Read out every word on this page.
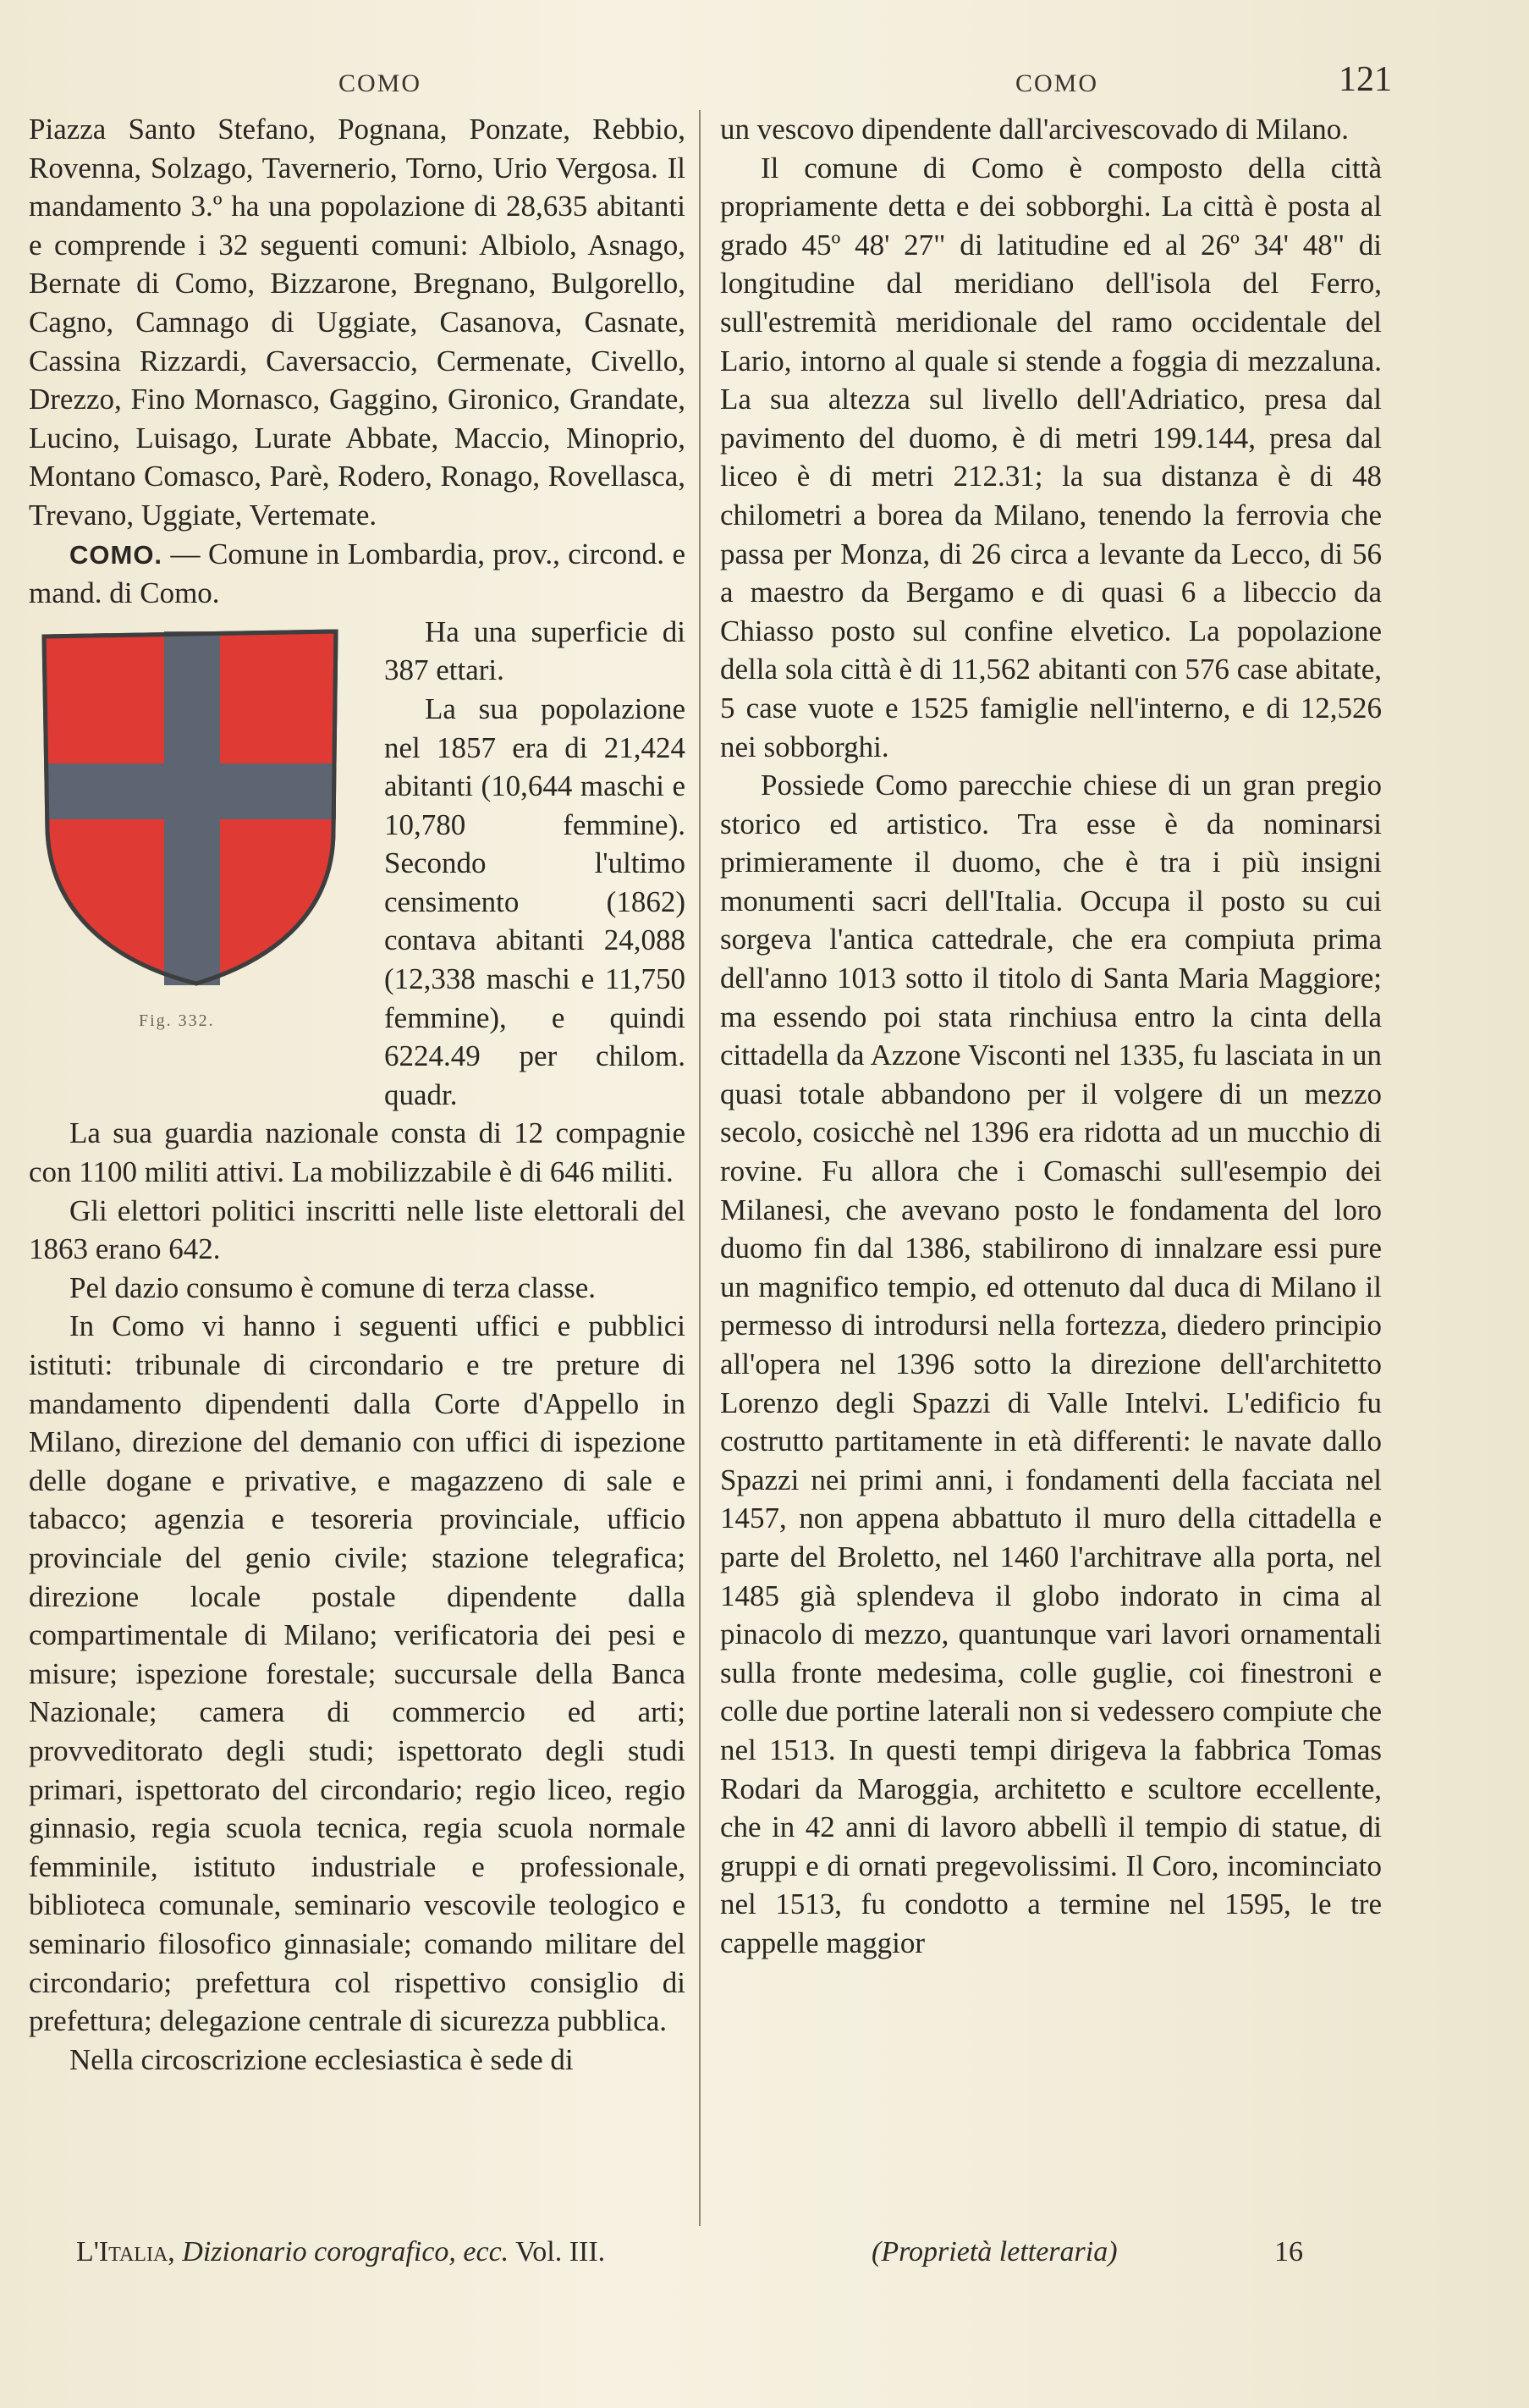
COMO	COMO	121

Piazza Santo Stefano, Pognana, Ponzate, Rebbio, Rovenna, Solzago, Tavernerio, Torno, Urio Vergosa. Il mandamento 3.º ha una popolazione di 28,635 abitanti e comprende i 32 seguenti comuni: Albiolo, Asnago, Bernate di Como, Bizzarone, Bregnano, Bulgorello, Cagno, Camnago di Uggiate, Casanova, Casnate, Cassina Rizzardi, Caversaccio, Cermenate, Civello, Drezzo, Fino Mornasco, Gaggino, Gironico, Grandate, Lucino, Luisago, Lurate Abbate, Maccio, Minoprio, Montano Comasco, Parè, Rodero, Ronago, Rovellasca, Trevano, Uggiate, Vertemate.

COMO. — Comune in Lombardia, prov., circond. e mand. di Como.

Fig. 332.

Ha una superficie di 387 ettari.

La sua popolazione nel 1857 era di 21,424 abitanti (10,644 maschi e 10,780 femmine). Secondo l'ultimo censimento (1862) contava abitanti 24,088 (12,338 maschi e 11,750 femmine), e quindi 6224.49 per chilom. quadr.

La sua guardia nazionale consta di 12 compagnie con 1100 militi attivi. La mobilizzabile è di 646 militi.

Gli elettori politici inscritti nelle liste elettorali del 1863 erano 642.

Pel dazio consumo è comune di terza classe.

In Como vi hanno i seguenti uffici e pubblici istituti: tribunale di circondario e tre preture di mandamento dipendenti dalla Corte d'Appello in Milano, direzione del demanio con uffici di ispezione delle dogane e privative, e magazzeno di sale e tabacco; agenzia e tesoreria provinciale, ufficio provinciale del genio civile; stazione telegrafica; direzione locale postale dipendente dalla compartimentale di Milano; verificatoria dei pesi e misure; ispezione forestale; succursale della Banca Nazionale; camera di commercio ed arti; provveditorato degli studi; ispettorato degli studi primari, ispettorato del circondario; regio liceo, regio ginnasio, regia scuola tecnica, regia scuola normale femminile, istituto industriale e professionale, biblioteca comunale, seminario vescovile teologico e seminario filosofico ginnasiale; comando militare del circondario; prefettura col rispettivo consiglio di prefettura; delegazione centrale di sicurezza pubblica.

Nella circoscrizione ecclesiastica è sede di

un vescovo dipendente dall'arcivescovado di Milano.

Il comune di Como è composto della città propriamente detta e dei sobborghi. La città è posta al grado 45º 48' 27" di latitudine ed al 26º 34' 48" di longitudine dal meridiano dell'isola del Ferro, sull'estremità meridionale del ramo occidentale del Lario, intorno al quale si stende a foggia di mezzaluna. La sua altezza sul livello dell'Adriatico, presa dal pavimento del duomo, è di metri 199.144, presa dal liceo è di metri 212.31; la sua distanza è di 48 chilometri a borea da Milano, tenendo la ferrovia che passa per Monza, di 26 circa a levante da Lecco, di 56 a maestro da Bergamo e di quasi 6 a libeccio da Chiasso posto sul confine elvetico. La popolazione della sola città è di 11,562 abitanti con 576 case abitate, 5 case vuote e 1525 famiglie nell'interno, e di 12,526 nei sobborghi.

Possiede Como parecchie chiese di un gran pregio storico ed artistico. Tra esse è da nominarsi primieramente il duomo, che è tra i più insigni monumenti sacri dell'Italia. Occupa il posto su cui sorgeva l'antica cattedrale, che era compiuta prima dell'anno 1013 sotto il titolo di Santa Maria Maggiore; ma essendo poi stata rinchiusa entro la cinta della cittadella da Azzone Visconti nel 1335, fu lasciata in un quasi totale abbandono per il volgere di un mezzo secolo, cosicchè nel 1396 era ridotta ad un mucchio di rovine. Fu allora che i Comaschi sull'esempio dei Milanesi, che avevano posto le fondamenta del loro duomo fin dal 1386, stabilirono di innalzare essi pure un magnifico tempio, ed ottenuto dal duca di Milano il permesso di introdursi nella fortezza, diedero principio all'opera nel 1396 sotto la direzione dell'architetto Lorenzo degli Spazzi di Valle Intelvi. L'edificio fu costrutto partitamente in età differenti: le navate dallo Spazzi nei primi anni, i fondamenti della facciata nel 1457, non appena abbattuto il muro della cittadella e parte del Broletto, nel 1460 l'architrave alla porta, nel 1485 già splendeva il globo indorato in cima al pinacolo di mezzo, quantunque vari lavori ornamentali sulla fronte medesima, colle guglie, coi finestroni e colle due portine laterali non si vedessero compiute che nel 1513. In questi tempi dirigeva la fabbrica Tomas Rodari da Maroggia, architetto e scultore eccellente, che in 42 anni di lavoro abbellì il tempio di statue, di gruppi e di ornati pregevolissimi. Il Coro, incominciato nel 1513, fu condotto a termine nel 1595, le tre cappelle maggior

L'Italia, Dizionario corografico, ecc. Vol. III.	(Proprietà letteraria)	16
